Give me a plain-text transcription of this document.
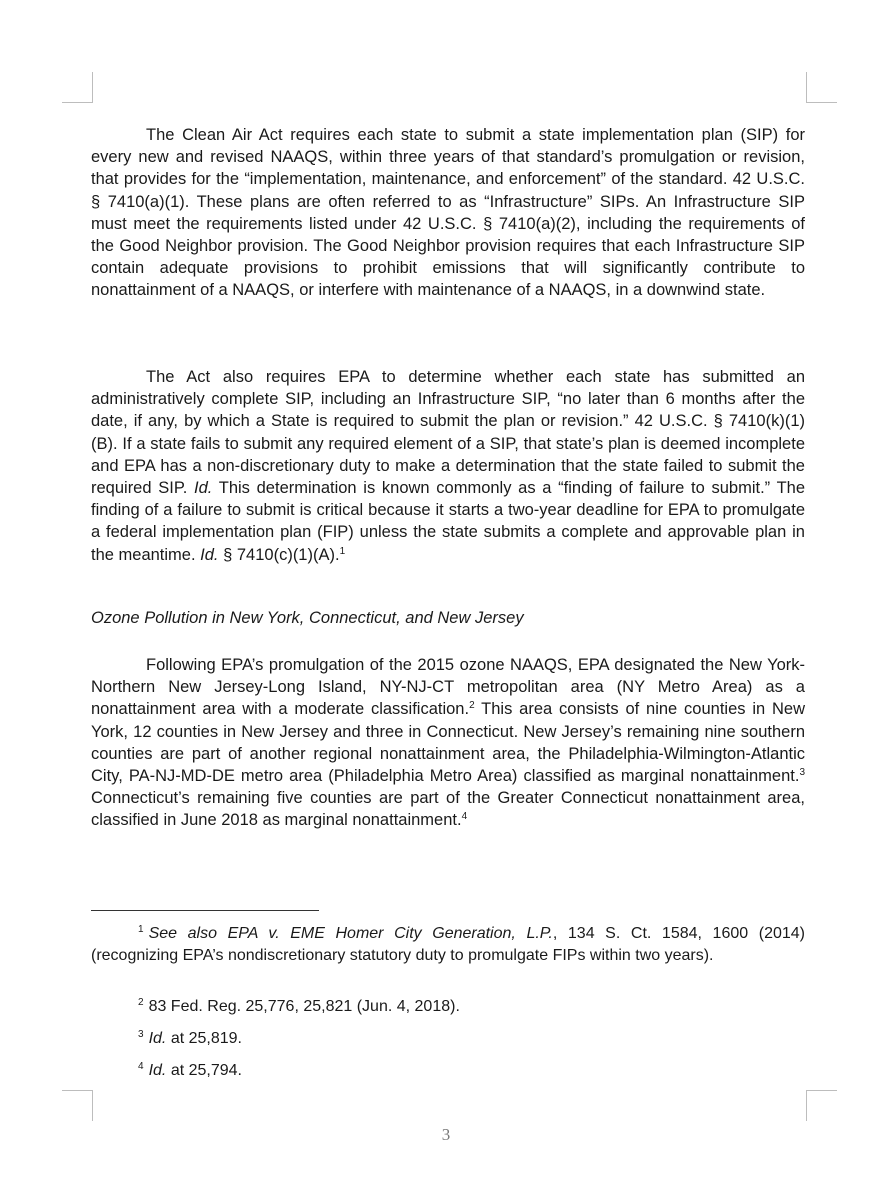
The Clean Air Act requires each state to submit a state implementation plan (SIP) for every new and revised NAAQS, within three years of that standard’s promulgation or revision, that provides for the “implementation, maintenance, and enforcement” of the standard. 42 U.S.C. § 7410(a)(1). These plans are often referred to as “Infrastructure” SIPs. An Infrastructure SIP must meet the requirements listed under 42 U.S.C. § 7410(a)(2), including the requirements of the Good Neighbor provision. The Good Neighbor provision requires that each Infrastructure SIP contain adequate provisions to prohibit emissions that will significantly contribute to nonattainment of a NAAQS, or interfere with maintenance of a NAAQS, in a downwind state.

The Act also requires EPA to determine whether each state has submitted an administratively complete SIP, including an Infrastructure SIP, “no later than 6 months after the date, if any, by which a State is required to submit the plan or revision.” 42 U.S.C. § 7410(k)(1)(B). If a state fails to submit any required element of a SIP, that state’s plan is deemed incomplete and EPA has a non-discretionary duty to make a determination that the state failed to submit the required SIP. Id. This determination is known commonly as a “finding of failure to submit.” The finding of a failure to submit is critical because it starts a two-year deadline for EPA to promulgate a federal implementation plan (FIP) unless the state submits a complete and approvable plan in the meantime. Id. § 7410(c)(1)(A).$^1$

Ozone Pollution in New York, Connecticut, and New Jersey

Following EPA’s promulgation of the 2015 ozone NAAQS, EPA designated the New York-Northern New Jersey-Long Island, NY-NJ-CT metropolitan area (NY Metro Area) as a nonattainment area with a moderate classification.$^2$ This area consists of nine counties in New York, 12 counties in New Jersey and three in Connecticut. New Jersey’s remaining nine southern counties are part of another regional nonattainment area, the Philadelphia-Wilmington-Atlantic City, PA-NJ-MD-DE metro area (Philadelphia Metro Area) classified as marginal nonattainment.$^3$ Connecticut’s remaining five counties are part of the Greater Connecticut nonattainment area, classified in June 2018 as marginal nonattainment.$^4$

$^1$ See also EPA v. EME Homer City Generation, L.P., 134 S. Ct. 1584, 1600 (2014) (recognizing EPA’s nondiscretionary statutory duty to promulgate FIPs within two years).

$^2$ 83 Fed. Reg. 25,776, 25,821 (Jun. 4, 2018).

$^3$ Id. at 25,819.

$^4$ Id. at 25,794.

3
